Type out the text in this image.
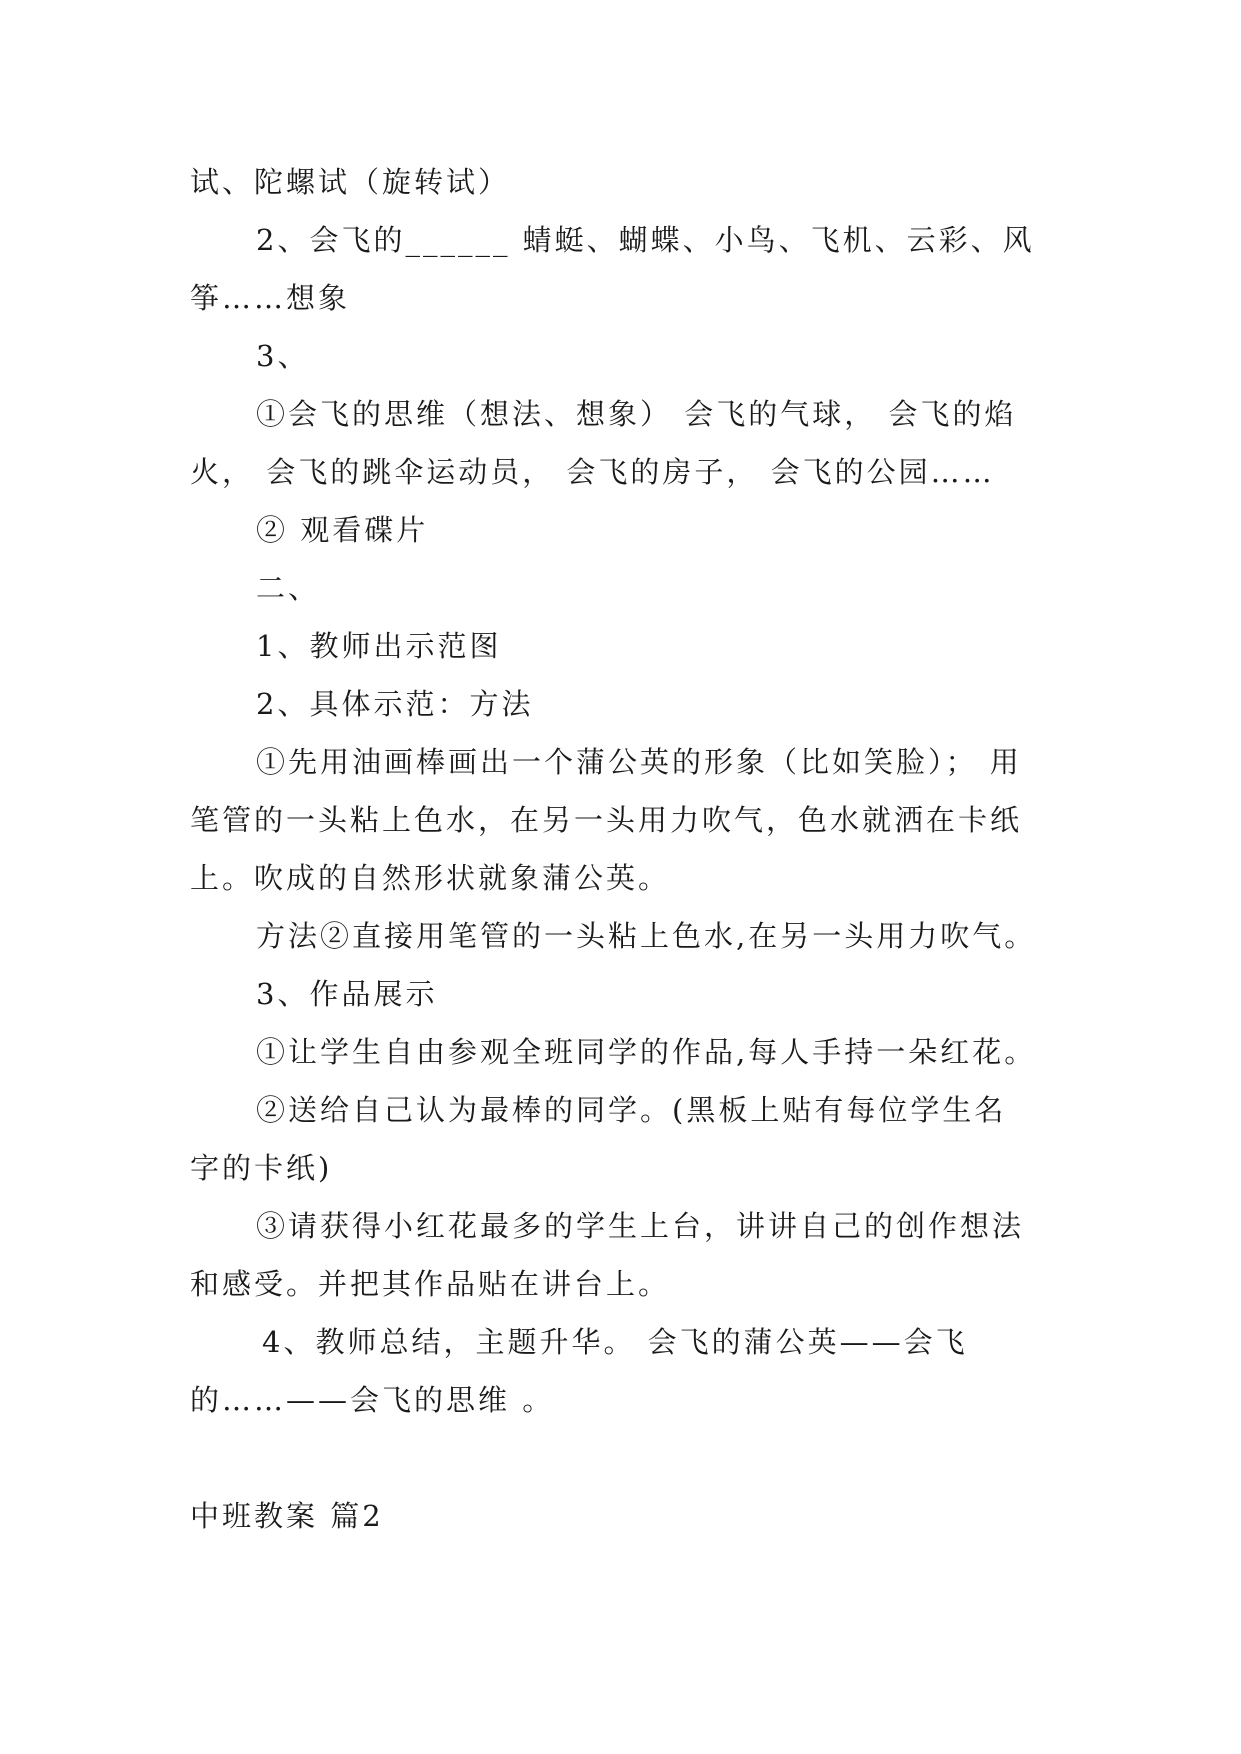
试、陀螺试（旋转试）
2、会飞的______ 蜻蜓、蝴蝶、小鸟、飞机、云彩、风
筝……想象
3、
①会飞的思维（想法、想象） 会飞的气球， 会飞的焰
火， 会飞的跳伞运动员， 会飞的房子， 会飞的公园……
② 观看碟片
二、
1、教师出示范图
2、具体示范：方法
①先用油画棒画出一个蒲公英的形象（比如笑脸）； 用
笔管的一头粘上色水，在另一头用力吹气，色水就洒在卡纸
上。吹成的自然形状就象蒲公英。
方法②直接用笔管的一头粘上色水,在另一头用力吹气。
3、作品展示
①让学生自由参观全班同学的作品,每人手持一朵红花。
②送给自己认为最棒的同学。(黑板上贴有每位学生名
字的卡纸)
③请获得小红花最多的学生上台，讲讲自己的创作想法
和感受。并把其作品贴在讲台上。
4、教师总结，主题升华。 会飞的蒲公英——会飞
的……——会飞的思维 。
中班教案 篇2
